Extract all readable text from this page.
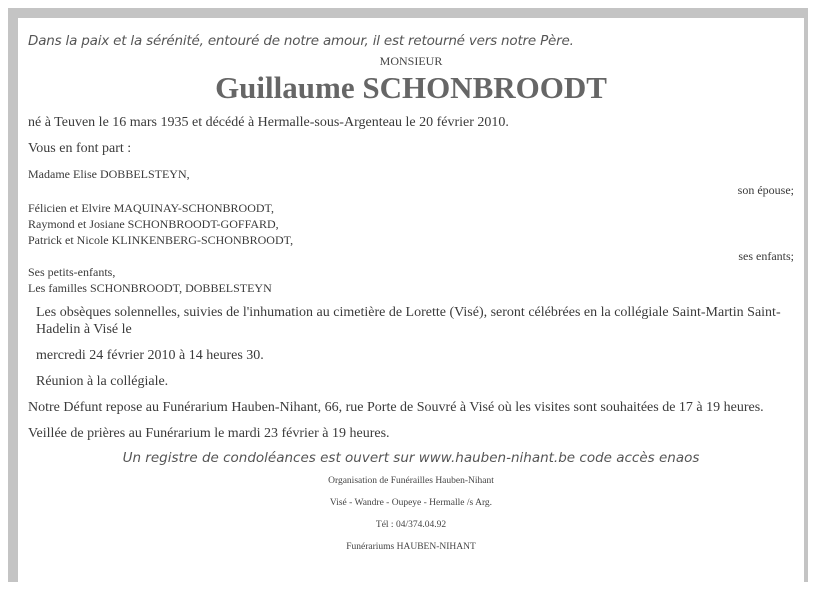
Dans la paix et la sérénité, entouré de notre amour, il est retourné vers notre Père.

MONSIEUR

Guillaume SCHONBROODT

né à Teuven le 16 mars 1935 et décédé à Hermalle-sous-Argenteau le 20 février 2010.

Vous en font part :

Madame Elise DOBBELSTEYN,

son épouse;

Félicien et Elvire MAQUINAY-SCHONBROODT,

Raymond et Josiane SCHONBROODT-GOFFARD,

Patrick et Nicole KLINKENBERG-SCHONBROODT,

ses enfants;

Ses petits-enfants,

Les familles SCHONBROODT, DOBBELSTEYN

Les obsèques solennelles, suivies de l'inhumation au cimetière de Lorette (Visé), seront célébrées en la collégiale Saint-Martin Saint-Hadelin à Visé le

mercredi 24 février 2010 à 14 heures 30.

Réunion à la collégiale.

Notre Défunt repose au Funérarium Hauben-Nihant, 66, rue Porte de Souvré à Visé où les visites sont souhaitées de 17 à 19 heures.

Veillée de prières au Funérarium le mardi 23 février à 19 heures.

Un registre de condoléances est ouvert sur www.hauben-nihant.be code accès enaos

Organisation de Funérailles Hauben-Nihant

Visé - Wandre - Oupeye - Hermalle /s Arg.

Tél : 04/374.04.92

Funérariums HAUBEN-NIHANT
